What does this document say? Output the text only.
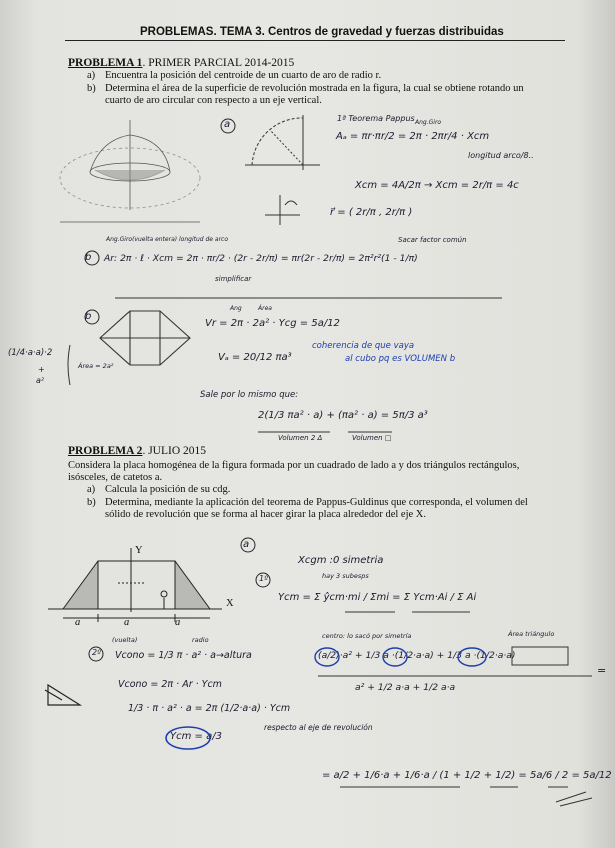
PROBLEMAS. TEMA 3. Centros de gravedad y fuerzas distribuidas
PROBLEMA 1. PRIMER PARCIAL 2014-2015
a) Encuentra la posición del centroide de un cuarto de aro de radio r.
b) Determina el área de la superficie de revolución mostrada en la figura, la cual se obtiene rotando un
cuarto de aro circular con respecto a un eje vertical.
a
1ª Teorema Pappus Ang.Giro
Aₐ = πr·πr/2 = 2π · 2πr/4 · Xcm
longitud arco/8..
Xcm = 4A/2π → Xcm = 2r/π = 4c
r⃗ = ( 2r/π , 2r/π )
b
Ang.Giro(vuelta entera) longitud de arco	Sacar factor común
Ar: 2π · ℓ · Xcm = 2π · πr/2 · (2r - 2r/π) = πr(2r - 2r/π) = 2π²r²(1 - 1/π)
simplificar
b
Ang	Área
Vr = 2π · 2a² · Ycg = 5a/12
Vₐ = 20/12 πa³
coherencia de que vaya
al cubo pq es VOLUMEN b
(1/4·a·a)·2
+
a²
Área = 2a²
Sale por lo mismo que:
2(1/3 πa² · a) + (πa² · a) = 5π/3 a³
Volumen 2 Δ	Volumen □
PROBLEMA 2. JULIO 2015
Considera la placa homogénea de la figura formada por un cuadrado de lado a y dos triángulos rectángulos,
isósceles, de catetos a.
a) Calcula la posición de su cdg.
b) Determina, mediante la aplicación del teorema de Pappus-Guldinus que corresponda, el volumen del
sólido de revolución que se forma al hacer girar la placa alrededor del eje X.
Y
X
a	a	a
a
Xcgm :0 simetria
1º	hay 3 subesps
Ycm = Σ ŷcm·mi / Σmi = Σ Ycm·Ai / Σ Ai
centro: lo sacó por simetría	Área triángulo
(a/2)·a² + 1/3 a ·(1/2·a·a) + 1/3 a ·(1/2·a·a)
a² + 1/2 a·a + 1/2 a·a
=
2º
(vuelta)	radio
Vcono = 1/3 π · a² · a→altura
Vcono = 2π · Ar · Ycm
1/3 · π · a² · a = 2π (1/2·a·a) · Ycm
Ycm = a/3
respecto al eje de revolución
= a/2 + 1/6·a + 1/6·a / (1 + 1/2 + 1/2) = 5a/6 / 2 = 5a/12
